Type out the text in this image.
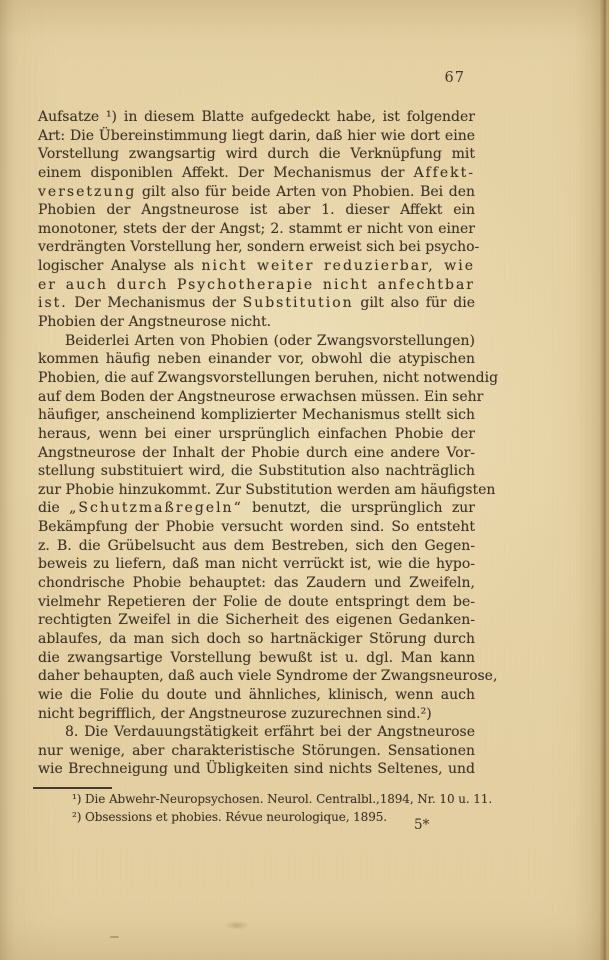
67
Aufsatze ¹) in diesem Blatte aufgedeckt habe, ist folgender
Art: Die Übereinstimmung liegt darin, daß hier wie dort eine
Vorstellung zwangsartig wird durch die Verknüpfung mit
einem disponiblen Affekt. Der Mechanismus der Affekt-
versetzung gilt also für beide Arten von Phobien. Bei den
Phobien der Angstneurose ist aber 1. dieser Affekt ein
monotoner, stets der der Angst; 2. stammt er nicht von einer
verdrängten Vorstellung her, sondern erweist sich bei psycho-
logischer Analyse als nicht weiter reduzierbar, wie
er auch durch Psychotherapie nicht anfechtbar
ist. Der Mechanismus der Substitution gilt also für die
Phobien der Angstneurose nicht.
Beiderlei Arten von Phobien (oder Zwangsvorstellungen)
kommen häufig neben einander vor, obwohl die atypischen
Phobien, die auf Zwangsvorstellungen beruhen, nicht notwendig
auf dem Boden der Angstneurose erwachsen müssen. Ein sehr
häufiger, anscheinend komplizierter Mechanismus stellt sich
heraus, wenn bei einer ursprünglich einfachen Phobie der
Angstneurose der Inhalt der Phobie durch eine andere Vor-
stellung substituiert wird, die Substitution also nachträglich
zur Phobie hinzukommt. Zur Substitution werden am häufigsten
die „Schutzmaßregeln“ benutzt, die ursprünglich zur
Bekämpfung der Phobie versucht worden sind. So entsteht
z. B. die Grübelsucht aus dem Bestreben, sich den Gegen-
beweis zu liefern, daß man nicht verrückt ist, wie die hypo-
chondrische Phobie behauptet: das Zaudern und Zweifeln,
vielmehr Repetieren der Folie de doute entspringt dem be-
rechtigten Zweifel in die Sicherheit des eigenen Gedanken-
ablaufes, da man sich doch so hartnäckiger Störung durch
die zwangsartige Vorstellung bewußt ist u. dgl. Man kann
daher behaupten, daß auch viele Syndrome der Zwangsneurose,
wie die Folie du doute und ähnliches, klinisch, wenn auch
nicht begrifflich, der Angstneurose zuzurechnen sind.²)
8. Die Verdauungstätigkeit erfährt bei der Angstneurose
nur wenige, aber charakteristische Störungen. Sensationen
wie Brechneigung und Übligkeiten sind nichts Seltenes, und
¹) Die Abwehr-Neuropsychosen. Neurol. Centralbl.,1894, Nr. 10 u. 11.
²) Obsessions et phobies. Révue neurologique, 1895.
5*
